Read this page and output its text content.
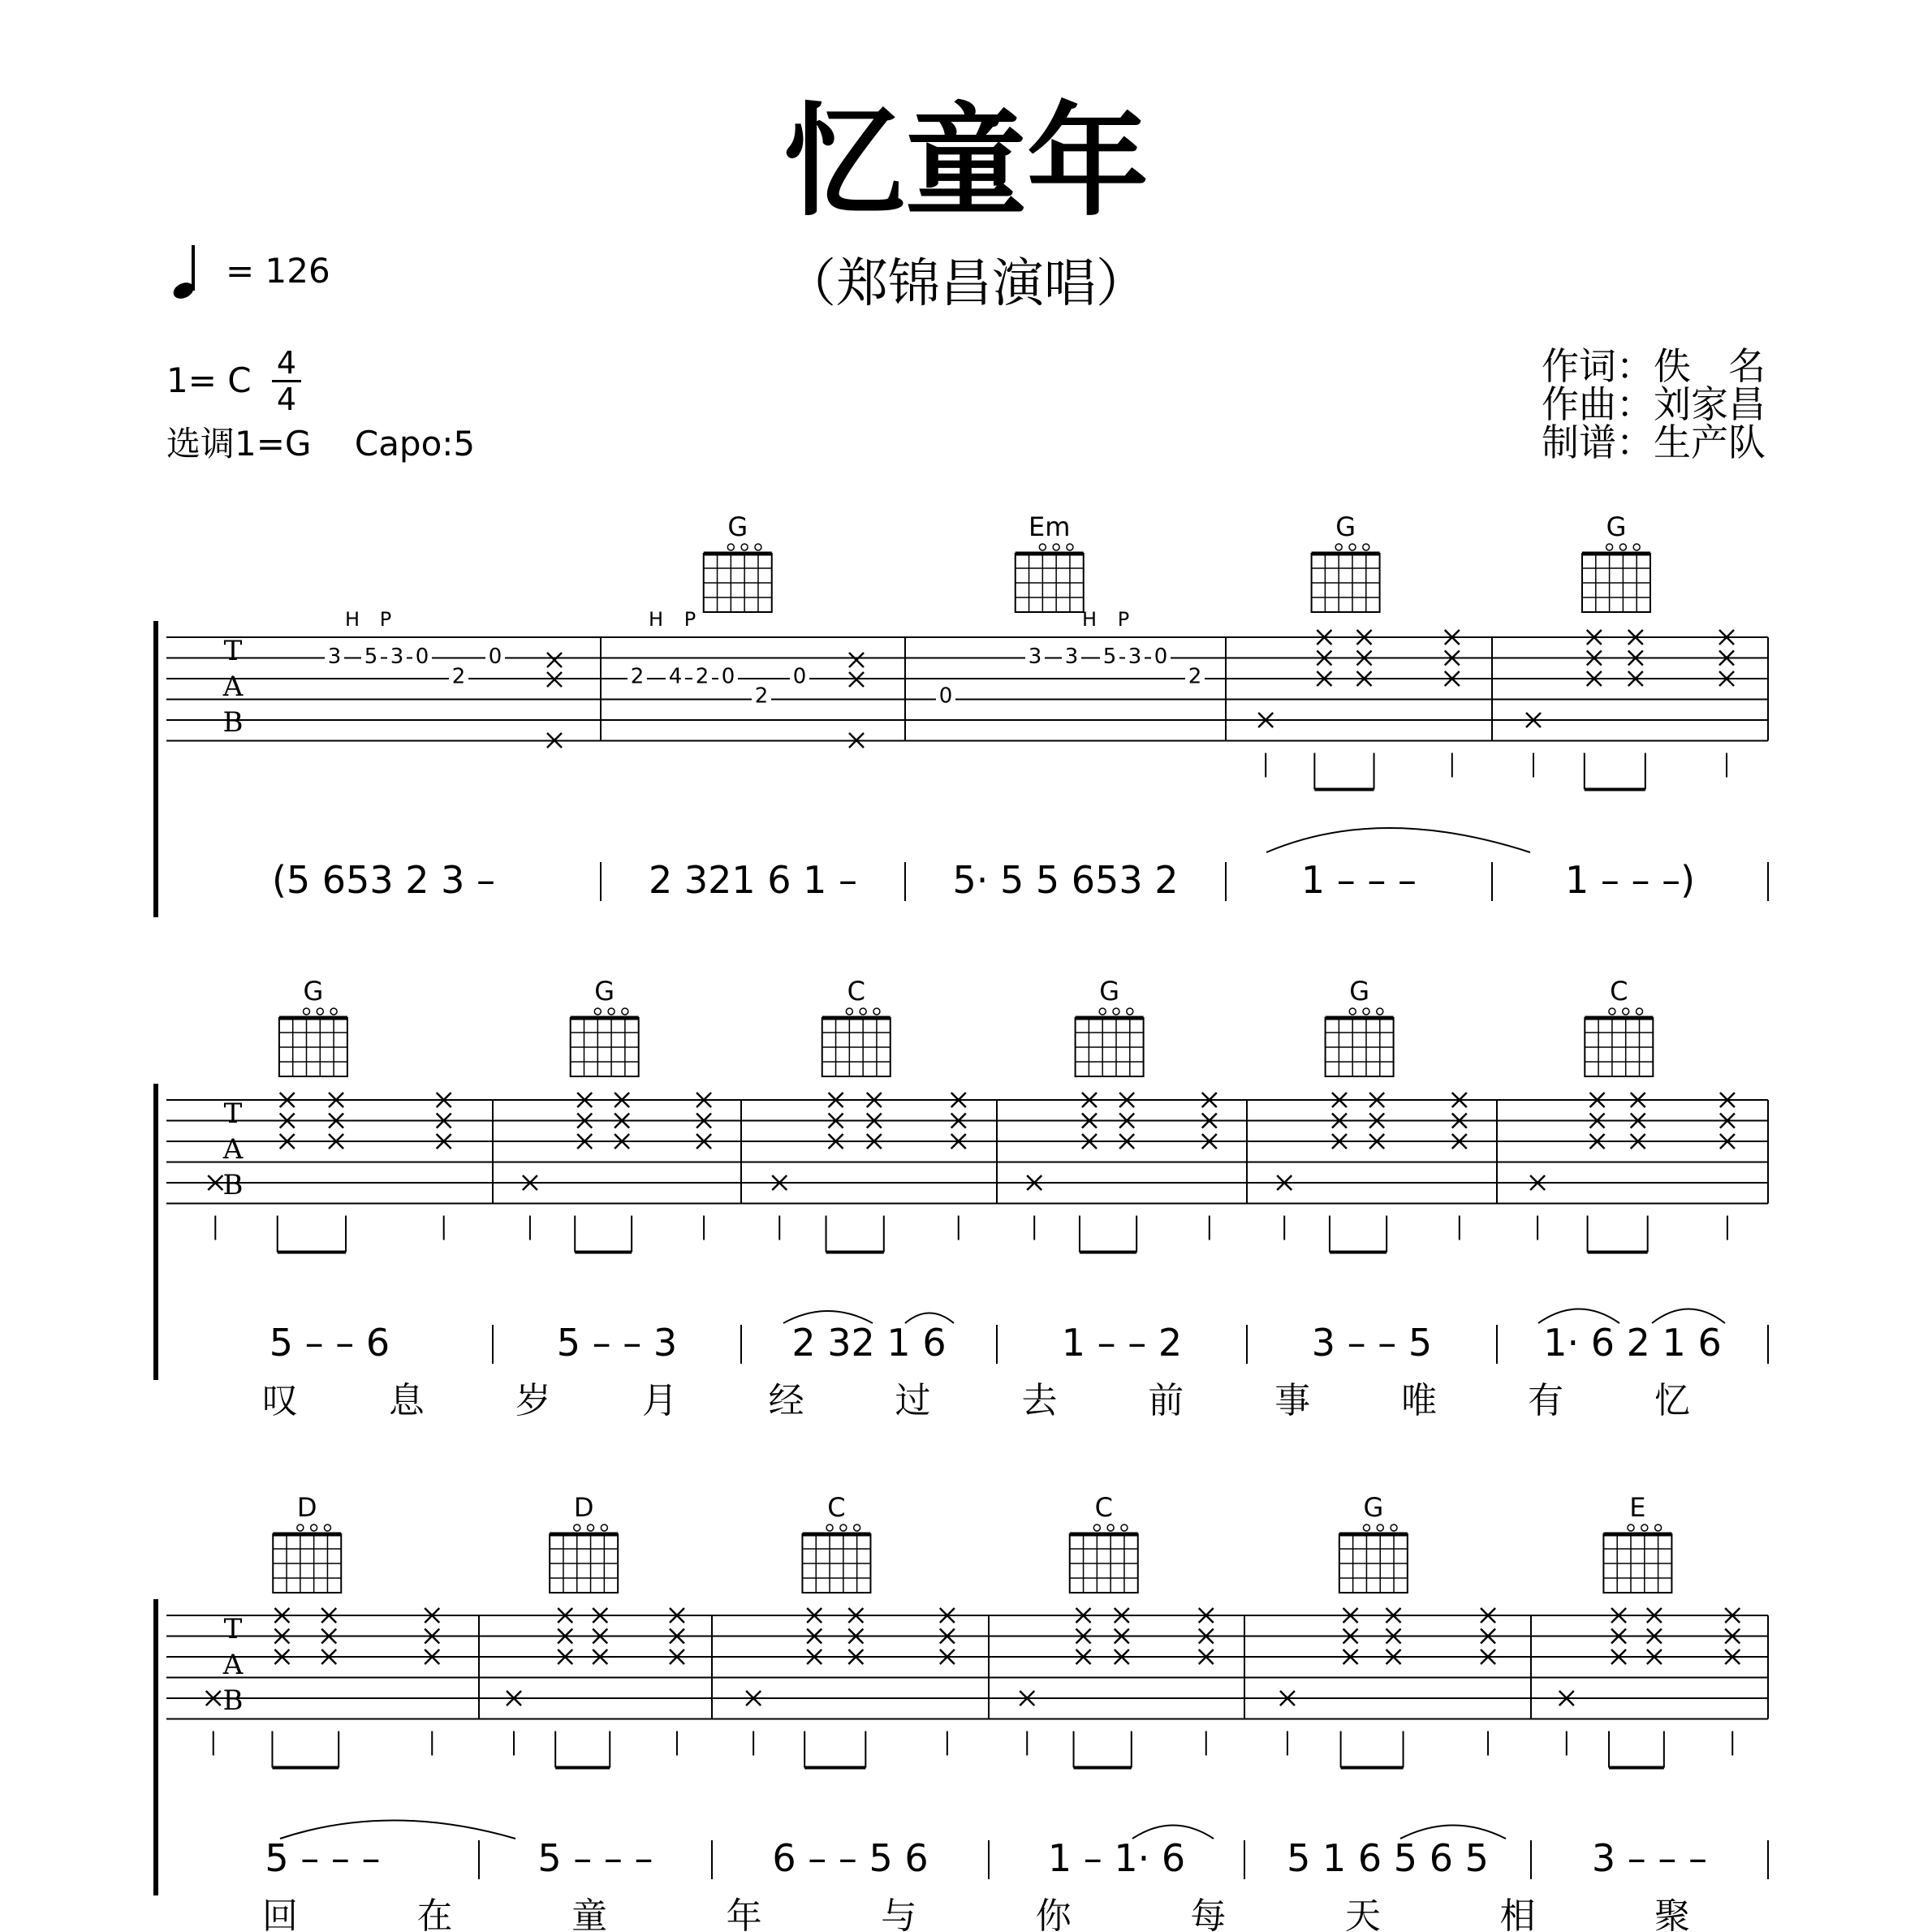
忆童年
（郑锦昌演唱）
= 126
1= C 4
4
选调1=G    Capo:5
作词：佚　名
作曲：刘家昌
制谱：生产队
T
A
B
(5 653 2 3 –
G
2 321 6 1 –
Em
5· 5 5 653 2
G
1 – – –
G
1 – – –)
T
A
B
G
5 – – 6
G
5 – – 3
C
2 32 1 6
G
1 – – 2
G
3 – – 5
C
1· 6 2 1 6
叹	息	岁	月	经	过	去	前	事	唯	有	忆
T
A
B
D
5 – – –
D
5 – – –
C
6 – – 5 6
C
1 – 1· 6
G
5 1 6 5 6 5
E
3 – – –
回	在	童	年	与	你	每	天	相	聚
3 5 3 0
2
0
2 4 2 0
2
0
0
3 3 5 3 0
2
H P	H P	H P
